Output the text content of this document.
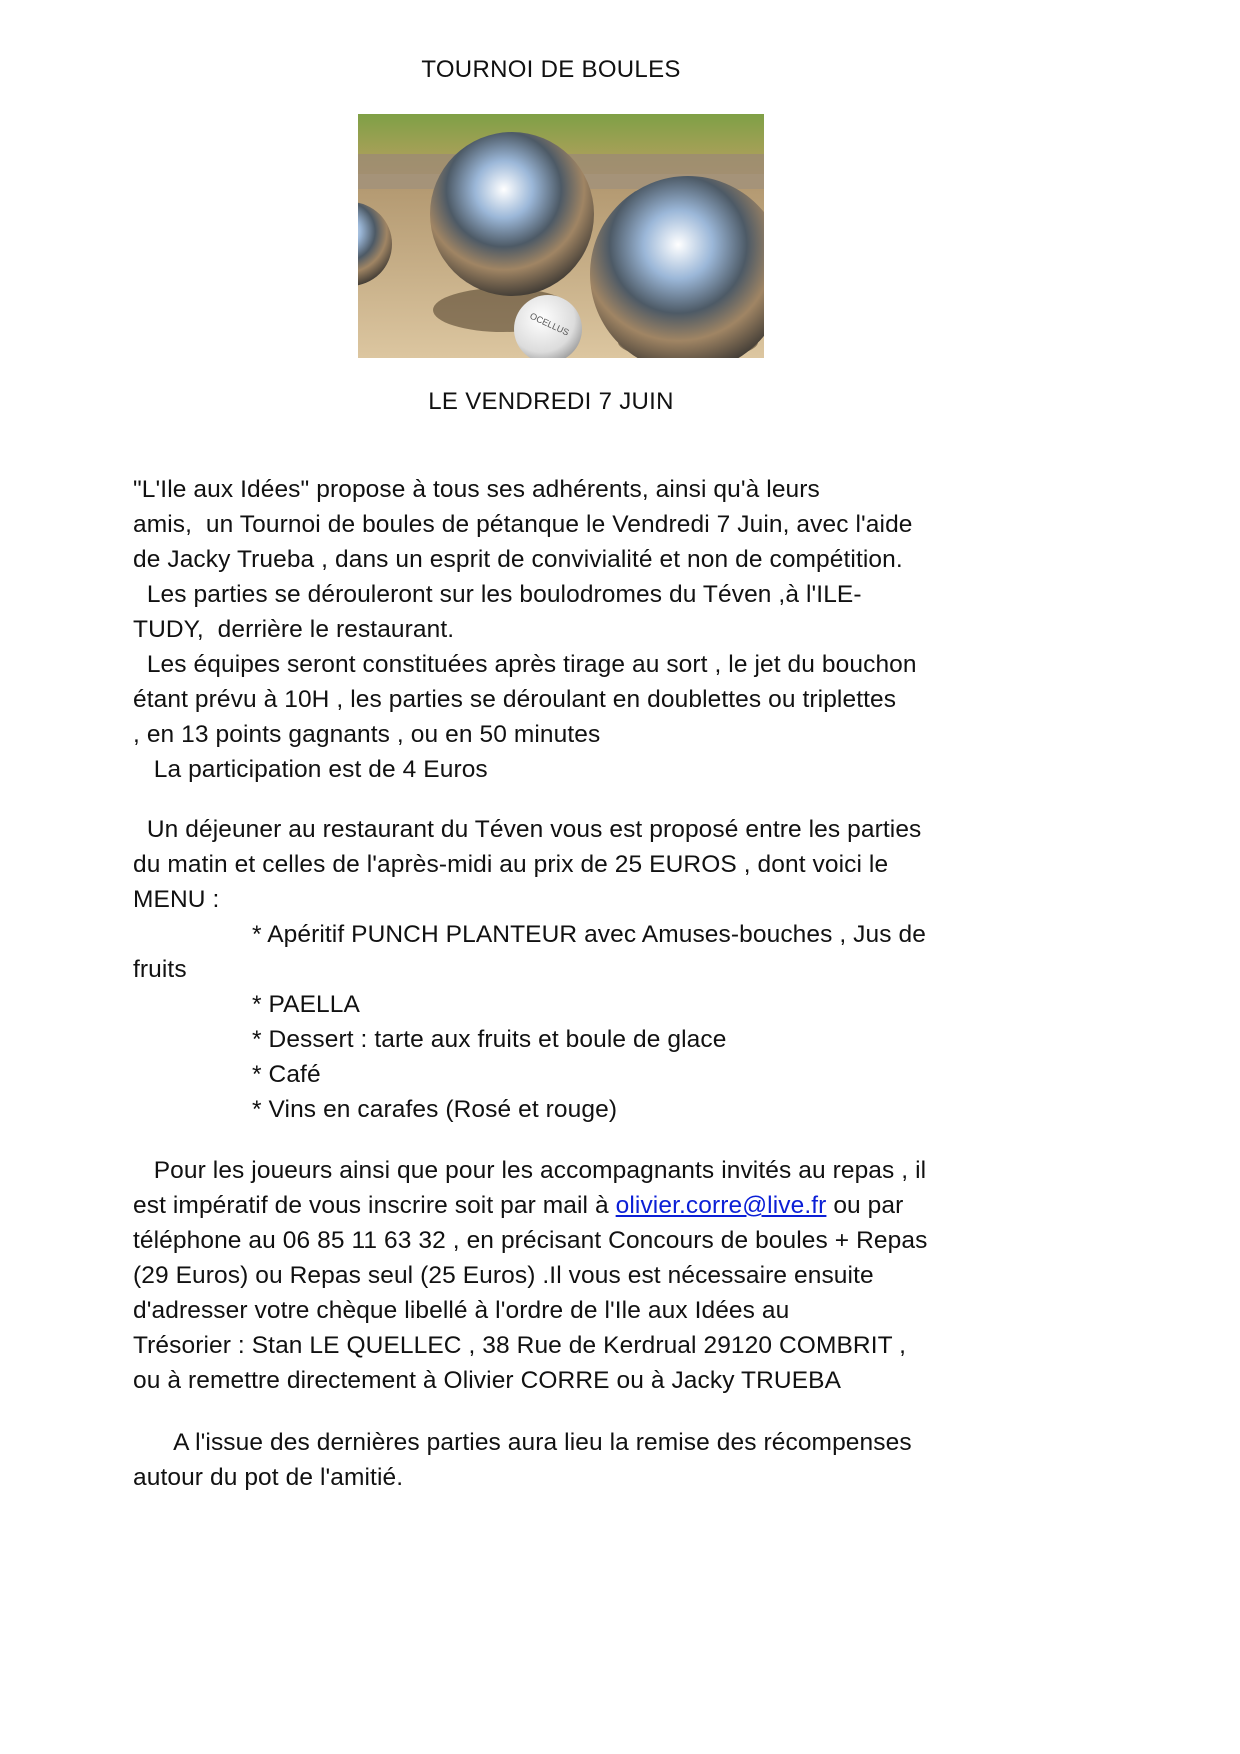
TOURNOI DE BOULES
OCELLUS
LE VENDREDI 7 JUIN
"L'Ile aux Idées" propose à tous ses adhérents, ainsi qu'à leurs
amis,  un Tournoi de boules de pétanque le Vendredi 7 Juin, avec l'aide
de Jacky Trueba , dans un esprit de convivialité et non de compétition.
Les parties se dérouleront sur les boulodromes du Téven ,à l'ILE-
TUDY,  derrière le restaurant.
Les équipes seront constituées après tirage au sort , le jet du bouchon
étant prévu à 10H , les parties se déroulant en doublettes ou triplettes
, en 13 points gagnants , ou en 50 minutes
La participation est de 4 Euros
Un déjeuner au restaurant du Téven vous est proposé entre les parties
du matin et celles de l'après-midi au prix de 25 EUROS , dont voici le
MENU :
* Apéritif PUNCH PLANTEUR avec Amuses-bouches , Jus de
fruits
* PAELLA
* Dessert : tarte aux fruits et boule de glace
* Café
* Vins en carafes (Rosé et rouge)
Pour les joueurs ainsi que pour les accompagnants invités au repas , il
est impératif de vous inscrire soit par mail à olivier.corre@live.fr ou par
téléphone au 06 85 11 63 32 , en précisant Concours de boules + Repas
(29 Euros) ou Repas seul (25 Euros) .Il vous est nécessaire ensuite
d'adresser votre chèque libellé à l'ordre de l'Ile aux Idées au
Trésorier : Stan LE QUELLEC , 38 Rue de Kerdrual 29120 COMBRIT ,
ou à remettre directement à Olivier CORRE ou à Jacky TRUEBA
A l'issue des dernières parties aura lieu la remise des récompenses
autour du pot de l'amitié.
